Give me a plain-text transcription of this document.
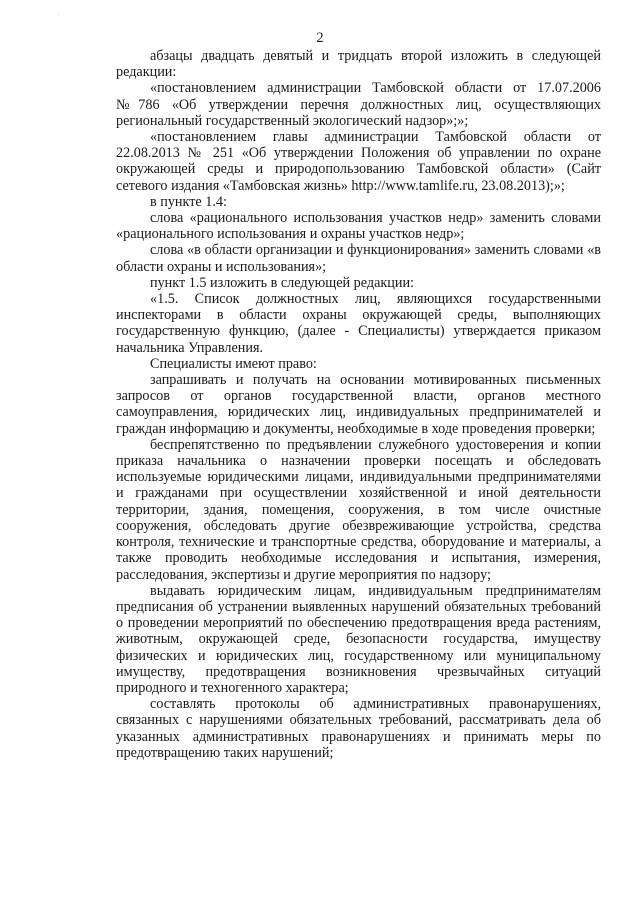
2

абзацы двадцать девятый и тридцать второй изложить в следующей редакции:

«постановлением администрации Тамбовской области от 17.07.2006 №786 «Об утверждении перечня должностных лиц, осуществляющих региональный государственный экологический надзор»;»;

«постановлением главы администрации Тамбовской области от 22.08.2013 № 251 «Об утверждении Положения об управлении по охране окружающей среды и природопользованию Тамбовской области» (Сайт сетевого издания «Тамбовская жизнь» http://www.tamlife.ru, 23.08.2013);»;

в пункте 1.4:

слова «рационального использования участков недр» заменить словами «рационального использования и охраны участков недр»;

слова «в области организации и функционирования» заменить словами «в области охраны и использования»;

пункт 1.5 изложить в следующей редакции:

«1.5. Список должностных лиц, являющихся государственными инспекторами в области охраны окружающей среды, выполняющих государственную функцию, (далее - Специалисты) утверждается приказом начальника Управления.

Специалисты имеют право:

запрашивать и получать на основании мотивированных письменных запросов от органов государственной власти, органов местного самоуправления, юридических лиц, индивидуальных предпринимателей и граждан информацию и документы, необходимые в ходе проведения проверки;

беспрепятственно по предъявлении служебного удостоверения и копии приказа начальника о назначении проверки посещать и обследовать используемые юридическими лицами, индивидуальными предпринимателями и гражданами при осуществлении хозяйственной и иной деятельности территории, здания, помещения, сооружения, в том числе очистные сооружения, обследовать другие обезвреживающие устройства, средства контроля, технические и транспортные средства, оборудование и материалы, а также проводить необходимые исследования и испытания, измерения, расследования, экспертизы и другие мероприятия по надзору;

выдавать юридическим лицам, индивидуальным предпринимателям предписания об устранении выявленных нарушений обязательных требований о проведении мероприятий по обеспечению предотвращения вреда растениям, животным, окружающей среде, безопасности государства, имуществу физических и юридических лиц, государственному или муниципальному имуществу, предотвращения возникновения чрезвычайных ситуаций природного и техногенного характера;

составлять протоколы об административных правонарушениях, связанных с нарушениями обязательных требований, рассматривать дела об указанных административных правонарушениях и принимать меры по предотвращению таких нарушений;
